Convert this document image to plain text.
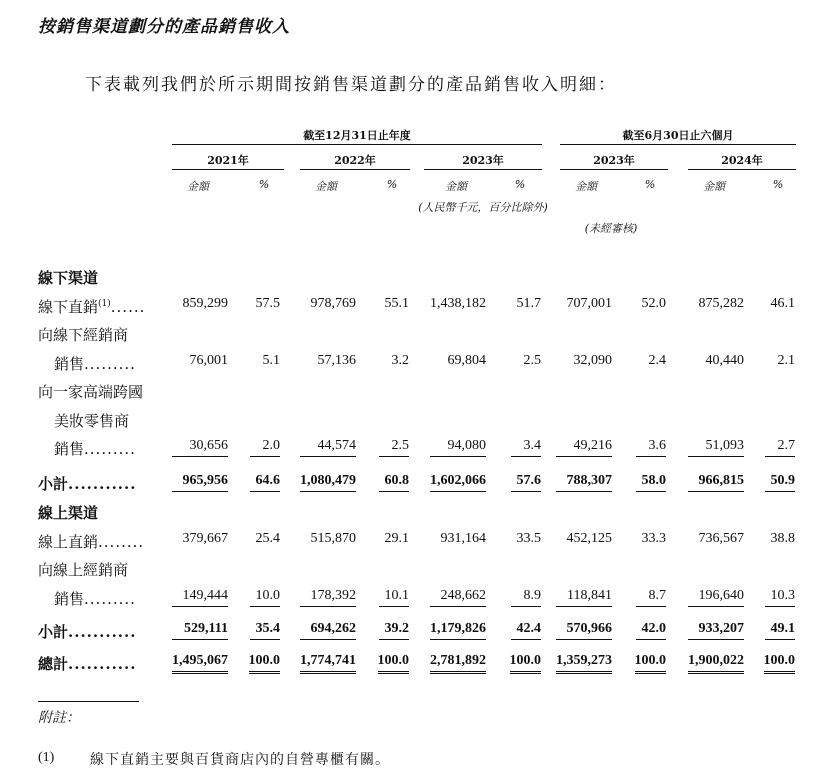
按銷售渠道劃分的產品銷售收入
下表載列我們於所示期間按銷售渠道劃分的產品銷售收入明細：
截至12月31日止年度	截至6月30日止六個月
2021年	2022年	2023年	2023年	2024年
金額	%	金額	%	金額	%	金額	%	金額	%
(人民幣千元，百分比除外)
(未經審核)
線下渠道
線下直銷$^{(1)}$......	859,299 57.5 978,769 55.1 1,438,182 51.7 707,001 52.0 875,282 46.1
向線下經銷商
銷售.........	76,001 5.1	57,136	3.2	69,804	2.5 32,090	2.4	40,440 2.1
向一家高端跨國
美妝零售商
銷售.........	30,656	2.0	44,574	2.5	94,080	3.4	49,216	3.6	51,093	2.7
小計...........	965,956	64.6 1,080,479	60.8 1,602,066	57.6	788,307	58.0	966,815	50.9
線上渠道
線上直銷........	379,667 25.4 515,870 29.1 931,164 33.5 452,125 33.3 736,567 38.8
向線上經銷商
銷售.........	149,444	10.0	178,392	10.1	248,662	8.9	118,841	8.7	196,640	10.3
小計...........	529,111	35.4	694,262	39.2 1,179,826	42.4	570,966	42.0	933,207	49.1
總計...........	1,495,067 100.0 1,774,741 100.0 2,781,892 100.0 1,359,273 100.0 1,900,022 100.0
附註：
(1)	線下直銷主要與百貨商店內的自營專櫃有關。
